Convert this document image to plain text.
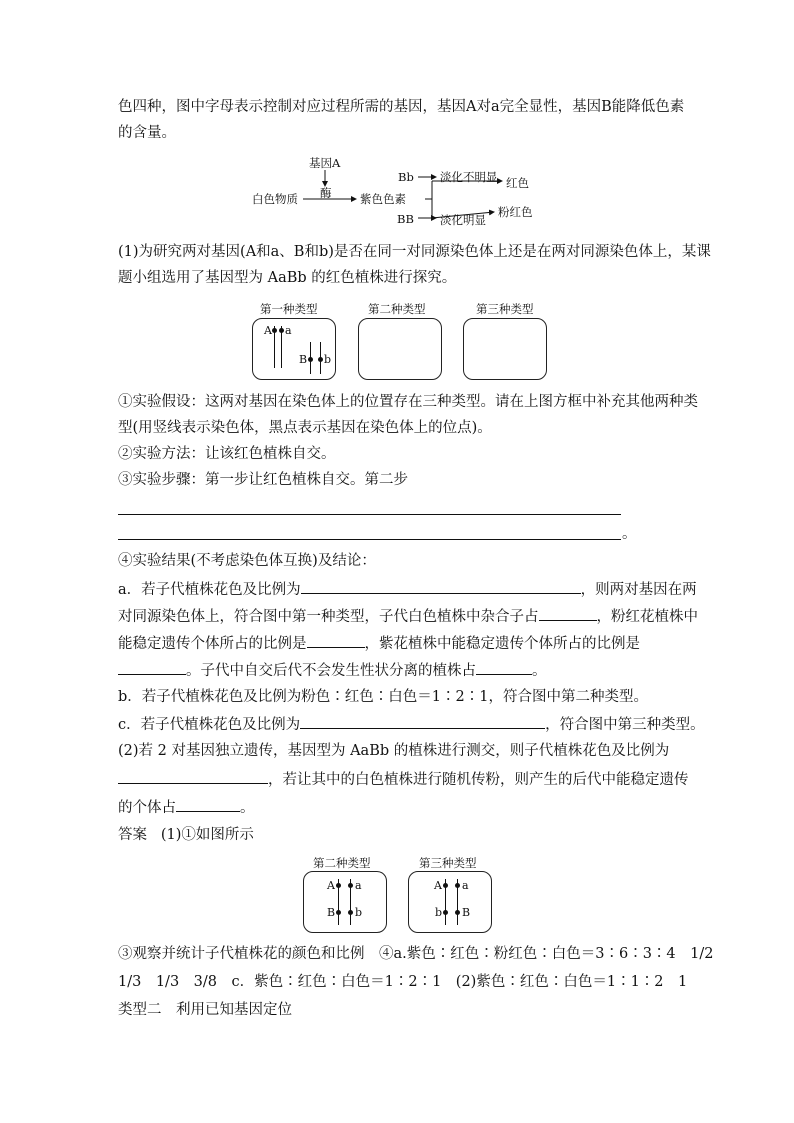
色四种，图中字母表示控制对应过程所需的基因，基因A对a完全显性，基因B能降低色素
的含量。
基因A
酶
白色物质	紫色色素
Bb 淡化不明显 红色
BB 淡化明显
粉红色
(1)为研究两对基因(A和a、B和b)是否在同一对同源染色体上还是在两对同源染色体上，某课
题小组选用了基因型为 AaBb 的红色植株进行探究。
第一种类型	第二种类型	第三种类型
A a
B b
①实验假设：这两对基因在染色体上的位置存在三种类型。请在上图方框中补充其他两种类
型(用竖线表示染色体，黑点表示基因在染色体上的位点)。
②实验方法：让该红色植株自交。
③实验步骤：第一步让红色植株自交。第二步
。
④实验结果(不考虑染色体互换)及结论：
a．若子代植株花色及比例为	，则两对基因在两
对同源染色体上，符合图中第一种类型，子代白色植株中杂合子占	，粉红花植株中
能稳定遗传个体所占的比例是	，紫花植株中能稳定遗传个体所占的比例是
。子代中自交后代不会发生性状分离的植株占	。
b．若子代植株花色及比例为粉色∶红色∶白色＝1∶2∶1，符合图中第二种类型。
c．若子代植株花色及比例为	，符合图中第三种类型。
(2)若 2 对基因独立遗传，基因型为 AaBb 的植株进行测交，则子代植株花色及比例为
，若让其中的白色植株进行随机传粉，则产生的后代中能稳定遗传
的个体占	。
答案 (1)①如图所示
第二种类型	第三种类型
A a
B b
A a
b B
③观察并统计子代植株花的颜色和比例　④a.紫色∶红色∶粉红色∶白色＝3∶6∶3∶4　1/2
1/3　1/3　3/8　c．紫色∶红色∶白色＝1∶2∶1　(2)紫色∶红色∶白色＝1∶1∶2　1
类型二　利用已知基因定位
